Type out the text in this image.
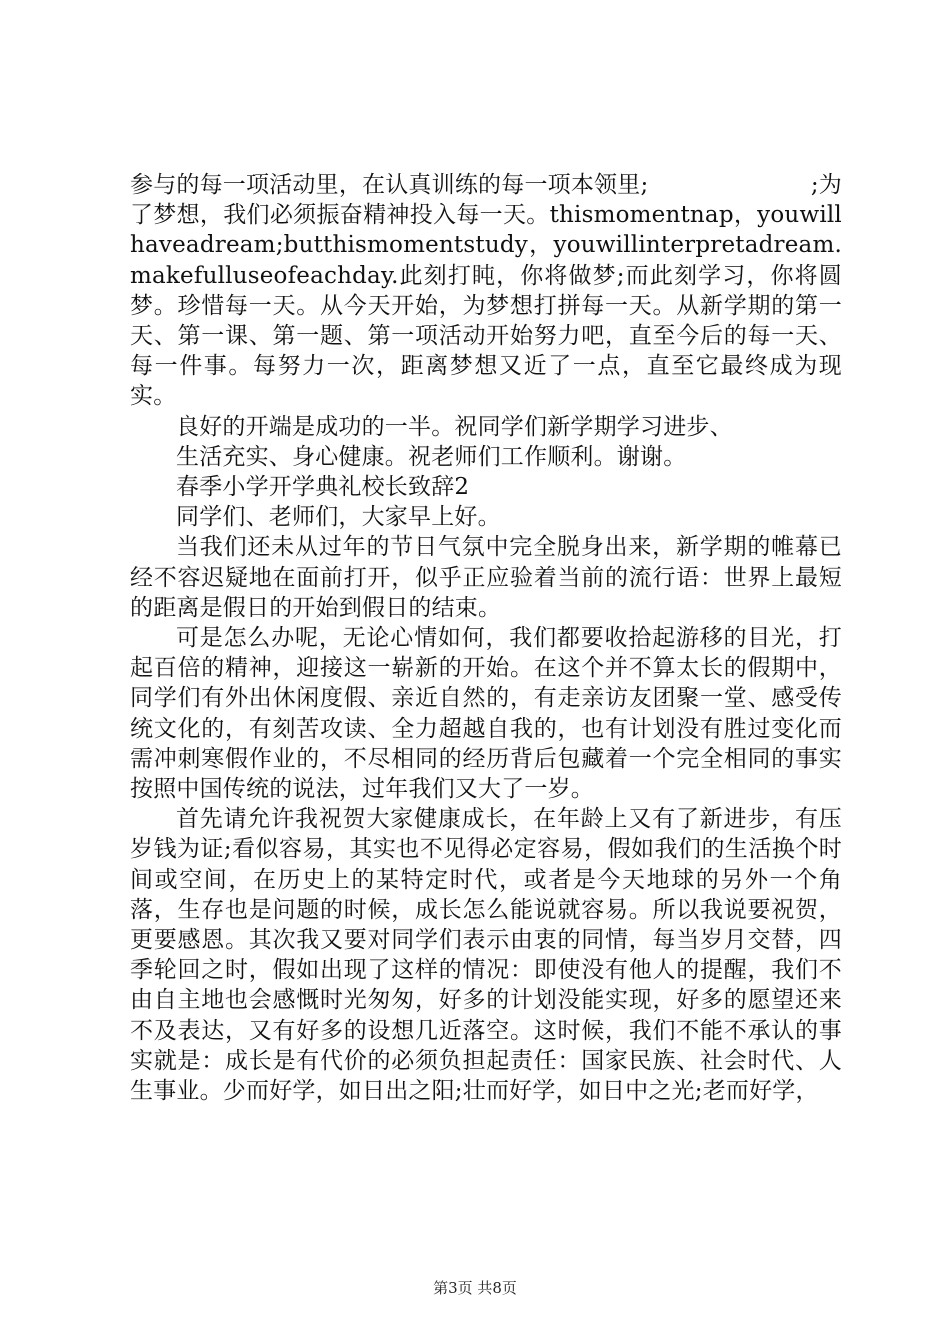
参与的每一项活动里，在认真训练的每一项本领里;　　　　　　　;为了梦想，我们必须振奋精神投入每一天。thismomentnap，youwillhaveadream;butthismomentstudy，youwillinterpretadream.makefulluseofeachday.此刻打盹，你将做梦;而此刻学习，你将圆梦。珍惜每一天。从今天开始，为梦想打拼每一天。从新学期的第一天、第一课、第一题、第一项活动开始努力吧，直至今后的每一天、每一件事。每努力一次，距离梦想又近了一点，直至它最终成为现实。

良好的开端是成功的一半。祝同学们新学期学习进步、

生活充实、身心健康。祝老师们工作顺利。谢谢。

春季小学开学典礼校长致辞2

同学们、老师们，大家早上好。

当我们还未从过年的节日气氛中完全脱身出来，新学期的帷幕已经不容迟疑地在面前打开，似乎正应验着当前的流行语：世界上最短的距离是假日的开始到假日的结束。

可是怎么办呢，无论心情如何，我们都要收拾起游移的目光，打起百倍的精神，迎接这一崭新的开始。在这个并不算太长的假期中，同学们有外出休闲度假、亲近自然的，有走亲访友团聚一堂、感受传统文化的，有刻苦攻读、全力超越自我的，也有计划没有胜过变化而需冲刺寒假作业的，不尽相同的经历背后包藏着一个完全相同的事实按照中国传统的说法，过年我们又大了一岁。

首先请允许我祝贺大家健康成长，在年龄上又有了新进步，有压岁钱为证;看似容易，其实也不见得必定容易，假如我们的生活换个时间或空间，在历史上的某特定时代，或者是今天地球的另外一个角落，生存也是问题的时候，成长怎么能说就容易。所以我说要祝贺，更要感恩。其次我又要对同学们表示由衷的同情，每当岁月交替，四季轮回之时，假如出现了这样的情况：即使没有他人的提醒，我们不由自主地也会感慨时光匆匆，好多的计划没能实现，好多的愿望还来不及表达，又有好多的设想几近落空。这时候，我们不能不承认的事实就是：成长是有代价的必须负担起责任：国家民族、社会时代、人生事业。少而好学，如日出之阳;壮而好学，如日中之光;老而好学，

第3页 共8页
